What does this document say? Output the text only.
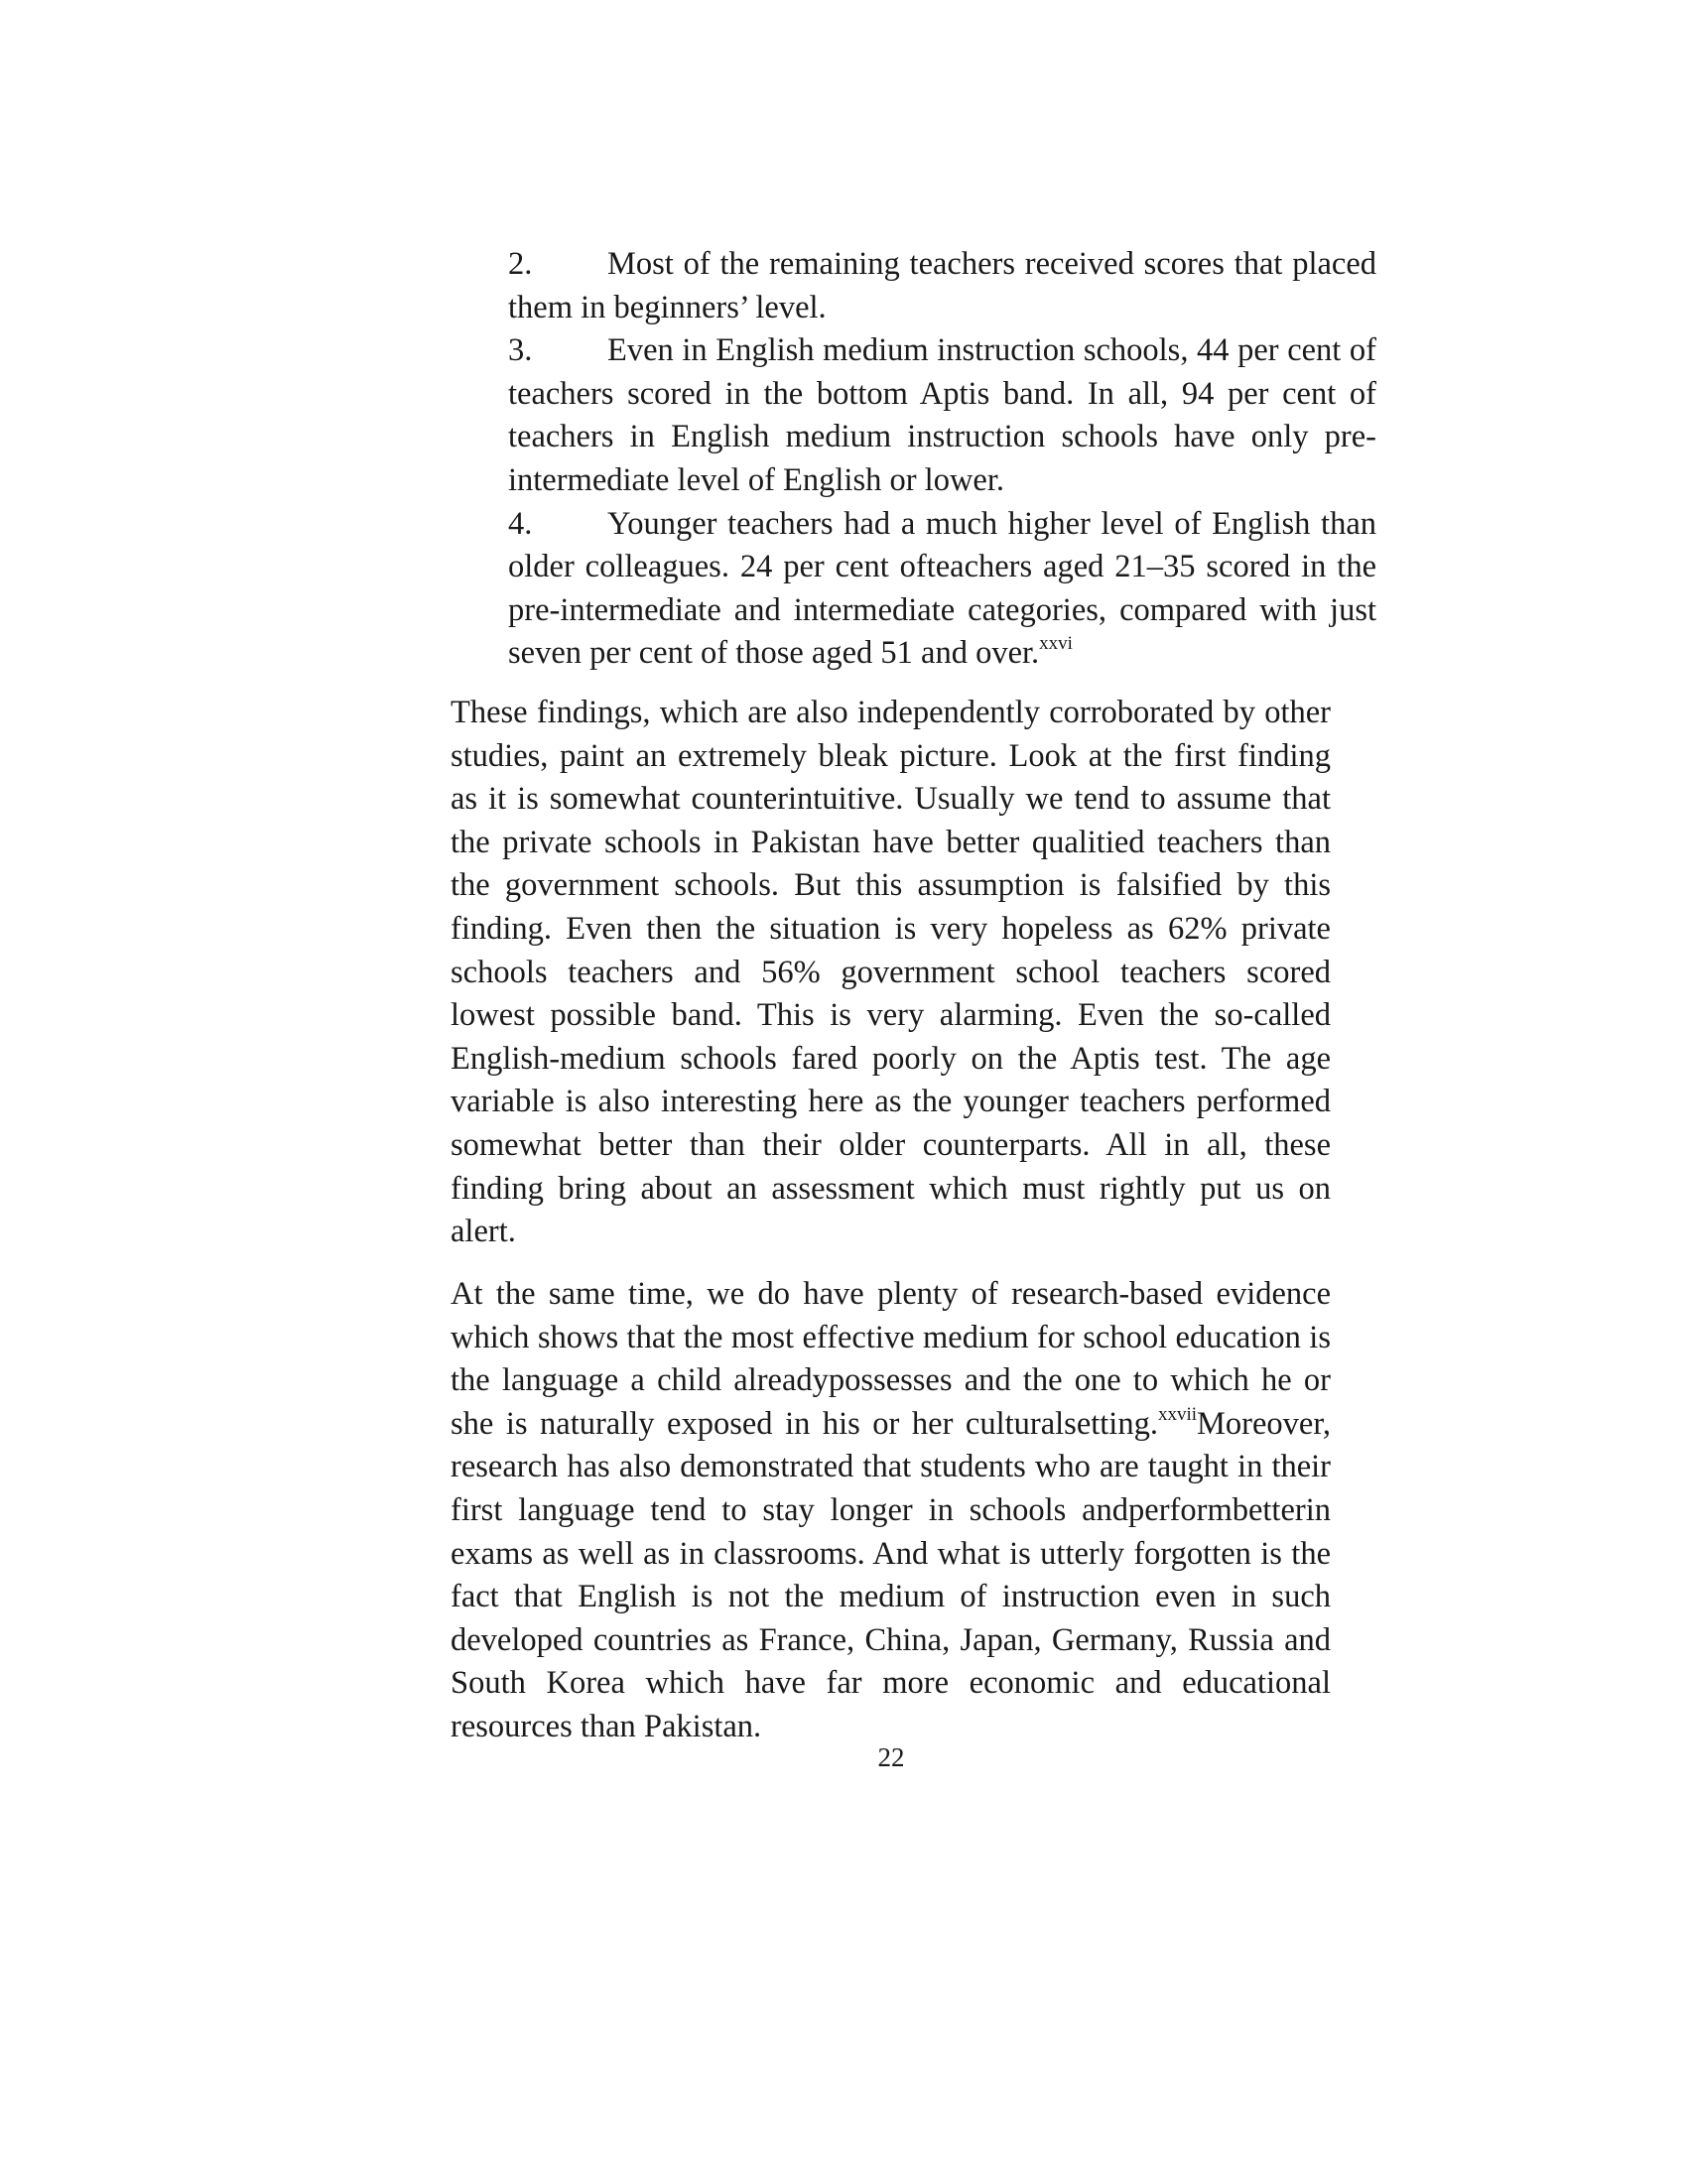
2. Most of the remaining teachers received scores that placed them in beginners’ level.

3. Even in English medium instruction schools, 44 per cent of teachers scored in the bottom Aptis band. In all, 94 per cent of teachers in English medium instruction schools have only pre-intermediate level of English or lower.

4. Younger teachers had a much higher level of English than older colleagues. 24 per cent ofteachers aged 21–35 scored in the pre-intermediate and intermediate categories, compared with just seven per cent of those aged 51 and over.$^{xxvi}$

These findings, which are also independently corroborated by other studies, paint an extremely bleak picture. Look at the first finding as it is somewhat counterintuitive. Usually we tend to assume that the private schools in Pakistan have better qualitied teachers than the government schools. But this assumption is falsified by this finding. Even then the situation is very hopeless as 62% private schools teachers and 56% government school teachers scored lowest possible band. This is very alarming. Even the so-called English-medium schools fared poorly on the Aptis test. The age variable is also interesting here as the younger teachers performed somewhat better than their older counterparts. All in all, these finding bring about an assessment which must rightly put us on alert.

At the same time, we do have plenty of research-based evidence which shows that the most effective medium for school education is the language a child alreadypossesses and the one to which he or she is naturally exposed in his or her culturalsetting.$^{xxvii}$Moreover, research has also demonstrated that students who are taught in their first language tend to stay longer in schools andperformbetterin exams as well as in classrooms. And what is utterly forgotten is the fact that English is not the medium of instruction even in such developed countries as France, China, Japan, Germany, Russia and South Korea which have far more economic and educational resources than Pakistan.

22
